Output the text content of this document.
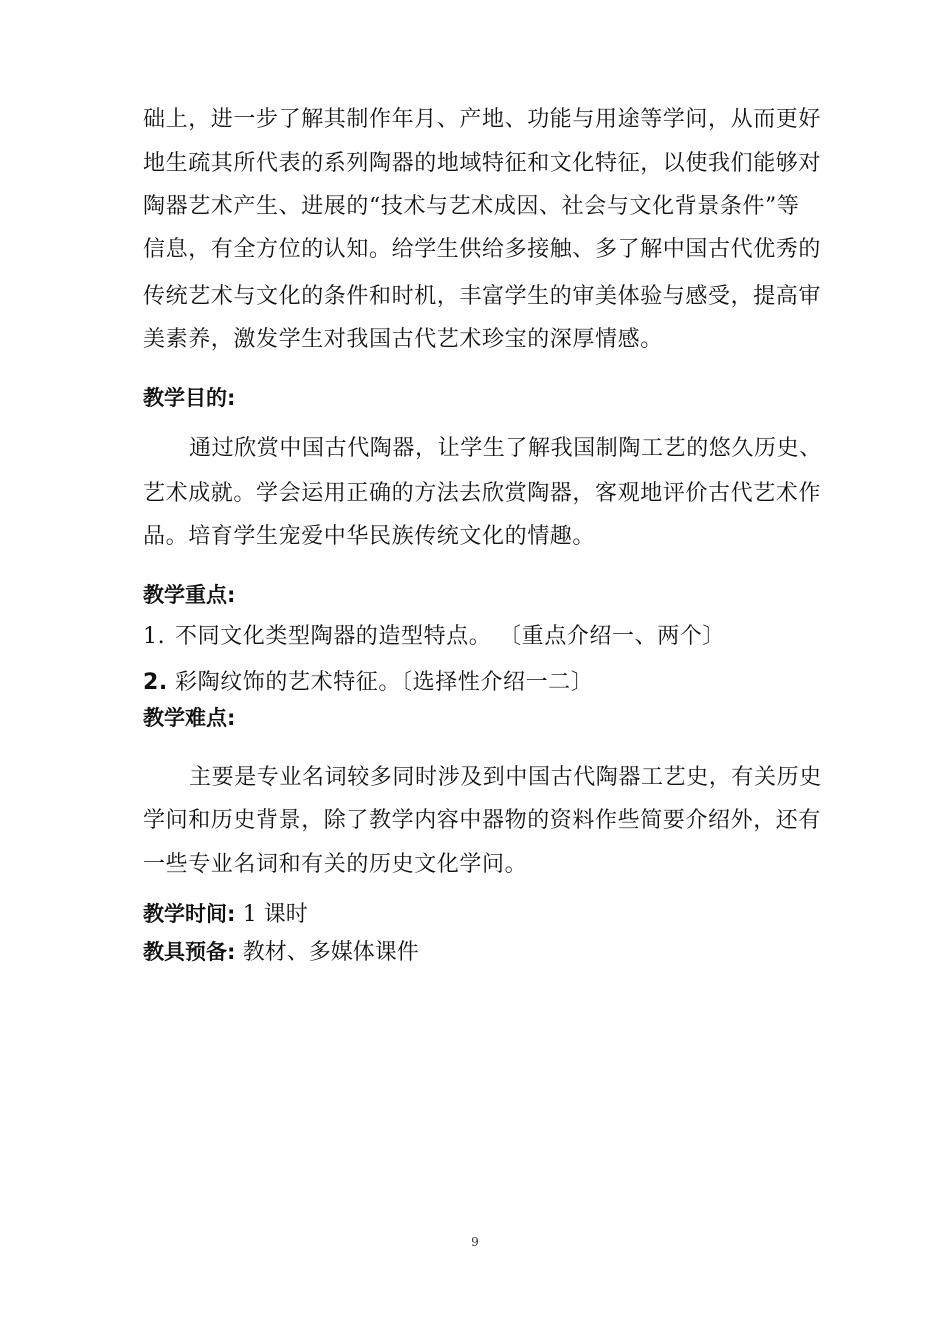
础上，进一步了解其制作年月、产地、功能与用途等学问，从而更好
地生疏其所代表的系列陶器的地域特征和文化特征，以使我们能够对
陶器艺术产生、进展的“技术与艺术成因、社会与文化背景条件”等
信息，有全方位的认知。给学生供给多接触、多了解中国古代优秀的
传统艺术与文化的条件和时机，丰富学生的审美体验与感受，提高审
美素养，激发学生对我国古代艺术珍宝的深厚情感。
教学目的:
通过欣赏中国古代陶器，让学生了解我国制陶工艺的悠久历史、
艺术成就。学会运用正确的方法去欣赏陶器，客观地评价古代艺术作
品。培育学生宠爱中华民族传统文化的情趣。
教学重点:
1. 不同文化类型陶器的造型特点。 〔重点介绍一、两个〕
2. 彩陶纹饰的艺术特征。〔选择性介绍一二〕
教学难点:
主要是专业名词较多同时涉及到中国古代陶器工艺史，有关历史
学问和历史背景，除了教学内容中器物的资料作些简要介绍外，还有
一些专业名词和有关的历史文化学问。
教学时间: 1 课时
教具预备: 教材、多媒体课件
9
